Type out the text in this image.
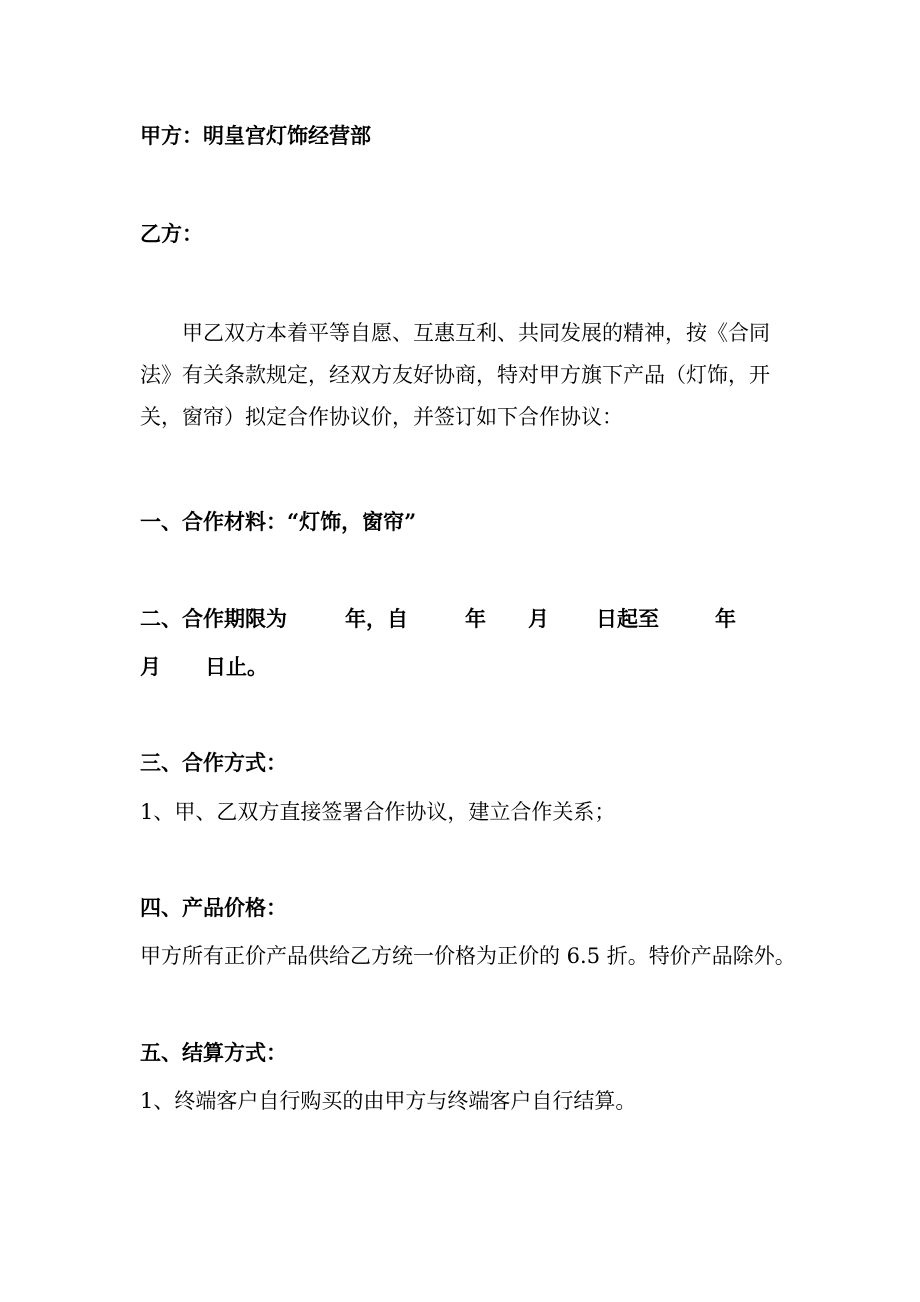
甲方：明皇宫灯饰经营部
乙方：
甲乙双方本着平等自愿、互惠互利、共同发展的精神，按《合同法》有关条款规定，经双方友好协商，特对甲方旗下产品（灯饰，开关，窗帘）拟定合作协议价，并签订如下合作协议：
一、合作材料：“灯饰，窗帘”
二、合作期限为	年，自	年 月 日起至	年
月 日止。
三、合作方式：
1、甲、乙双方直接签署合作协议，建立合作关系；
四、产品价格：
甲方所有正价产品供给乙方统一价格为正价的 6.5 折。特价产品除外。
五、结算方式：
1、终端客户自行购买的由甲方与终端客户自行结算。
